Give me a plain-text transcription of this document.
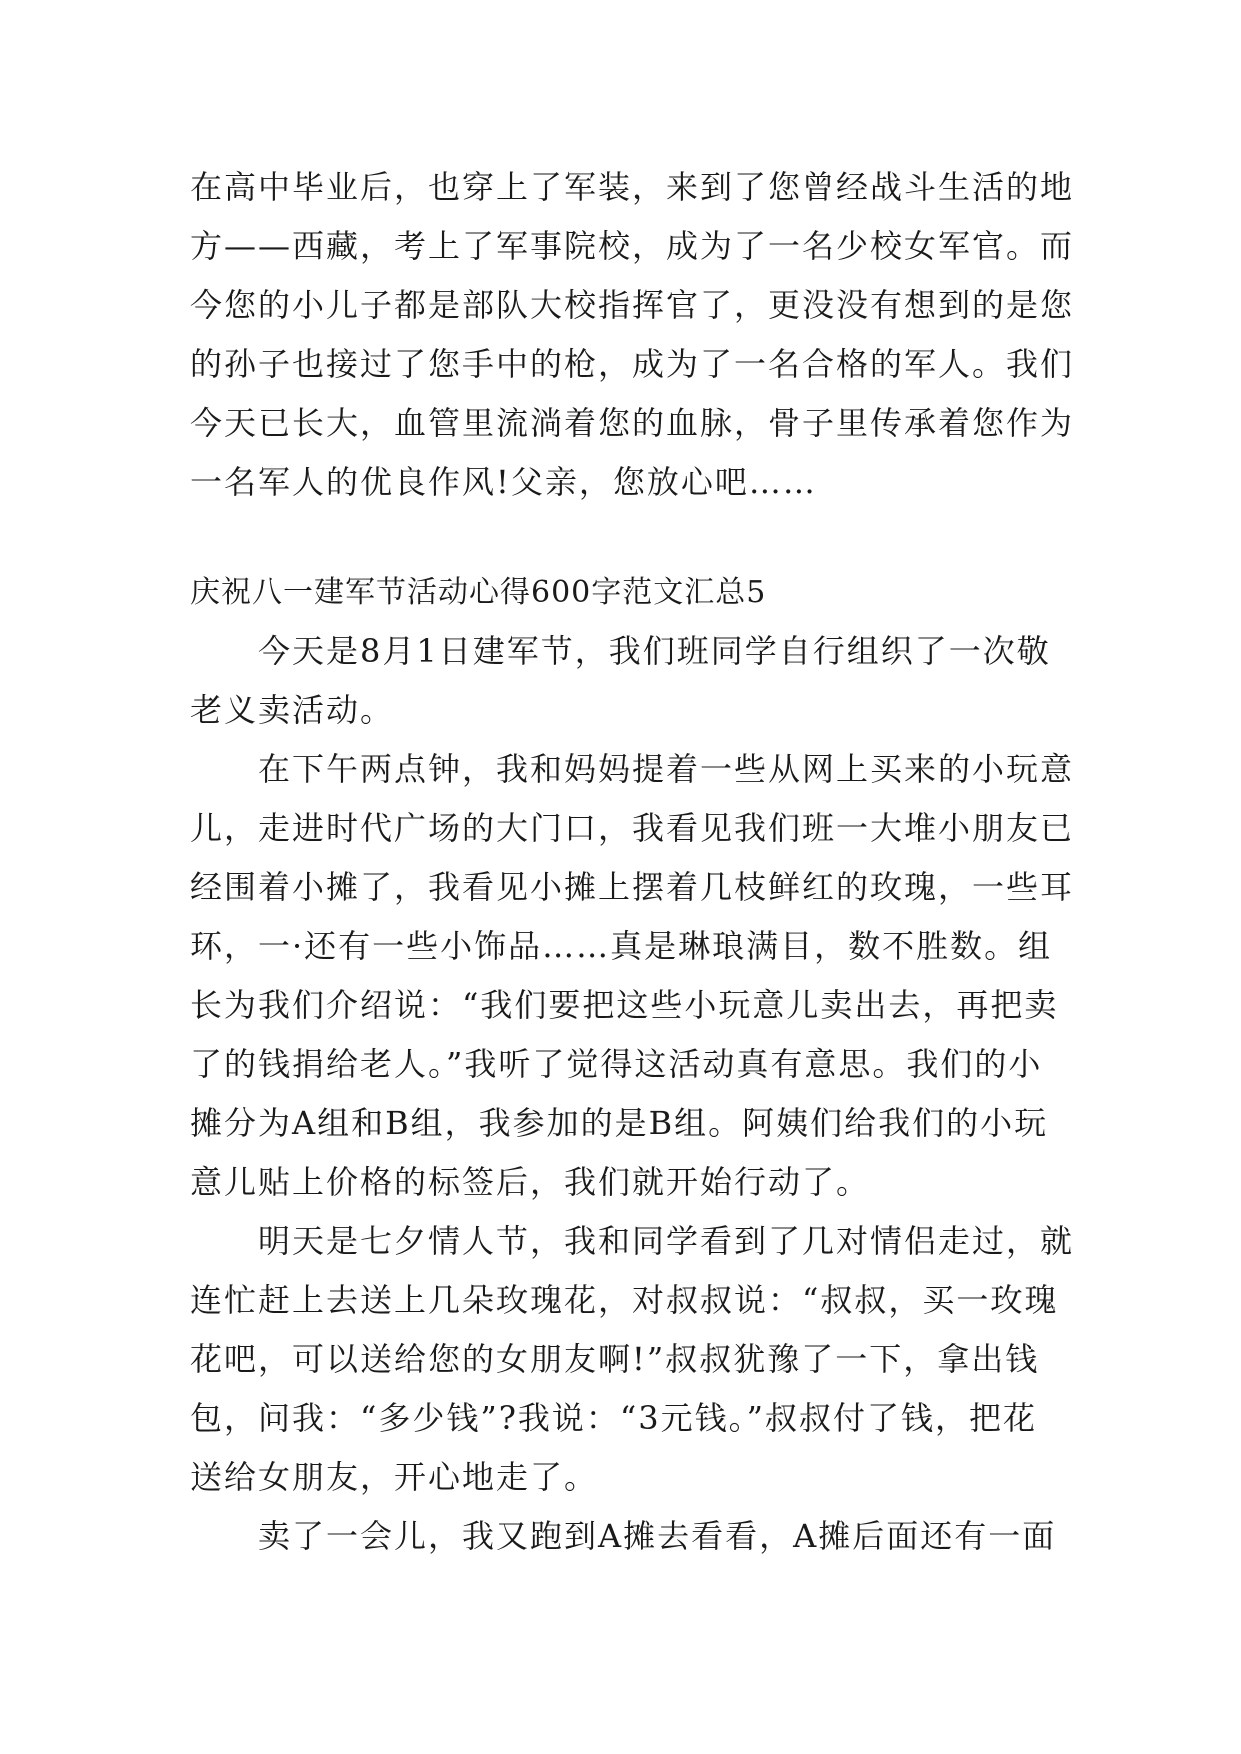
在高中毕业后，也穿上了军装，来到了您曾经战斗生活的地
方——西藏，考上了军事院校，成为了一名少校女军官。而
今您的小儿子都是部队大校指挥官了，更没没有想到的是您
的孙子也接过了您手中的枪，成为了一名合格的军人。我们
今天已长大，血管里流淌着您的血脉，骨子里传承着您作为
一名军人的优良作风!父亲，您放心吧……
庆祝八一建军节活动心得600字范文汇总5
　　今天是8月1日建军节，我们班同学自行组织了一次敬
老义卖活动。
　　在下午两点钟，我和妈妈提着一些从网上买来的小玩意
儿，走进时代广场的大门口，我看见我们班一大堆小朋友已
经围着小摊了，我看见小摊上摆着几枝鲜红的玫瑰，一些耳
环，一·还有一些小饰品……真是琳琅满目，数不胜数。组
长为我们介绍说：“我们要把这些小玩意儿卖出去，再把卖
了的钱捐给老人。”我听了觉得这活动真有意思。我们的小
摊分为A组和B组，我参加的是B组。阿姨们给我们的小玩
意儿贴上价格的标签后，我们就开始行动了。
　　明天是七夕情人节，我和同学看到了几对情侣走过，就
连忙赶上去送上几朵玫瑰花，对叔叔说：“叔叔，买一玫瑰
花吧，可以送给您的女朋友啊!”叔叔犹豫了一下，拿出钱
包，问我：“多少钱”?我说：“3元钱。”叔叔付了钱，把花
送给女朋友，开心地走了。
　　卖了一会儿，我又跑到A摊去看看，A摊后面还有一面
